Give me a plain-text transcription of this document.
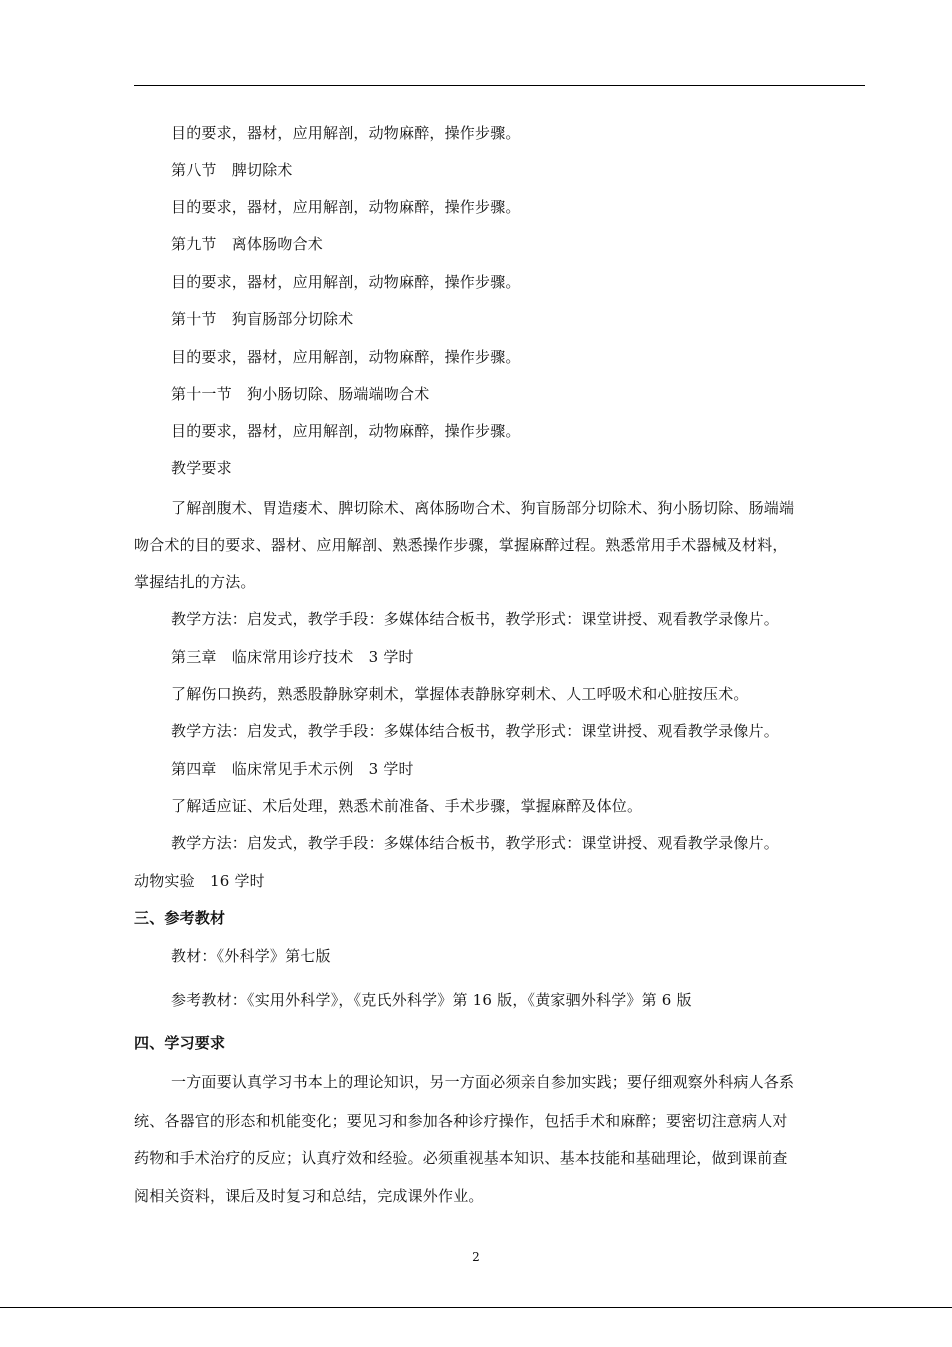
目的要求，器材，应用解剖，动物麻醉，操作步骤。
第八节　脾切除术
目的要求，器材，应用解剖，动物麻醉，操作步骤。
第九节　离体肠吻合术
目的要求，器材，应用解剖，动物麻醉，操作步骤。
第十节　狗盲肠部分切除术
目的要求，器材，应用解剖，动物麻醉，操作步骤。
第十一节　狗小肠切除、肠端端吻合术
目的要求，器材，应用解剖，动物麻醉，操作步骤。
教学要求
了解剖腹术、胃造瘘术、脾切除术、离体肠吻合术、狗盲肠部分切除术、狗小肠切除、肠端端
吻合术的目的要求、器材、应用解剖、熟悉操作步骤，掌握麻醉过程。熟悉常用手术器械及材料，
掌握结扎的方法。
教学方法：启发式，教学手段：多媒体结合板书，教学形式：课堂讲授、观看教学录像片。
第三章　临床常用诊疗技术　3 学时
了解伤口换药，熟悉股静脉穿刺术，掌握体表静脉穿刺术、人工呼吸术和心脏按压术。
教学方法：启发式，教学手段：多媒体结合板书，教学形式：课堂讲授、观看教学录像片。
第四章　临床常见手术示例　3 学时
了解适应证、术后处理，熟悉术前准备、手术步骤，掌握麻醉及体位。
教学方法：启发式，教学手段：多媒体结合板书，教学形式：课堂讲授、观看教学录像片。
动物实验　16 学时
三、参考教材
教材：《外科学》第七版
参考教材：《实用外科学》，《克氏外科学》第 16 版，《黄家驷外科学》第 6 版
四、学习要求
一方面要认真学习书本上的理论知识，另一方面必须亲自参加实践；要仔细观察外科病人各系
统、各器官的形态和机能变化；要见习和参加各种诊疗操作，包括手术和麻醉；要密切注意病人对
药物和手术治疗的反应；认真疗效和经验。必须重视基本知识、基本技能和基础理论，做到课前查
阅相关资料，课后及时复习和总结，完成课外作业。
2
